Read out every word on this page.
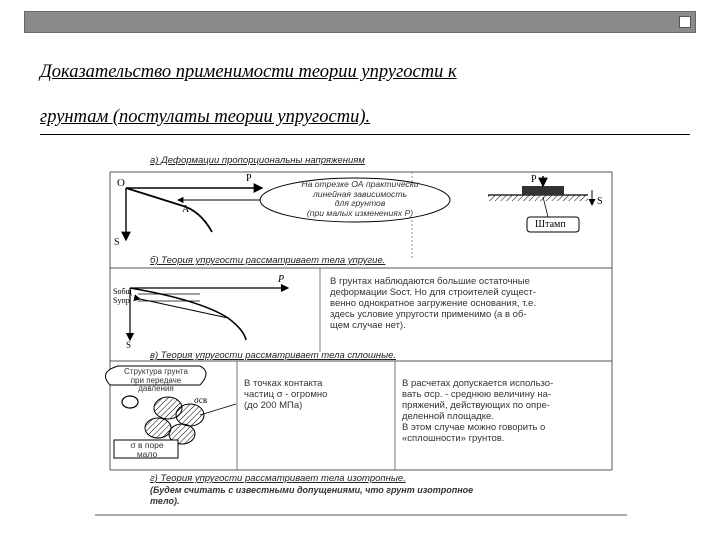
Доказательство применимости теории упругости к
грунтам (постулаты теории упругости).
а) Деформации пропорциональны напряжениям
O	P
A
S
На отрезке ОА практически
линейная зависимость
для грунтов
(при малых изменениях P)
P
S
Штамп
б) Теория упругости рассматривает тела упругие.
P
Sобщ
Sупр
S
В грунтах наблюдаются большие остаточные
деформации Sост. Но для строителей сущест-
венно однократное загружение основания, т.е.
здесь условие упругости применимо (а в об-
щем случае нет).
в) Теория упругости рассматривает тела сплошные.
Структура грунта
при передаче
давления
σcв
σ в поре
мало
В точках контакта
частиц σ - огромно
(до 200 МПа)
В расчетах допускается использо-
вать σср. - среднюю величину на-
пряжений, действующих по опре-
деленной площадке.
В этом случае можно говорить о
«сплошности» грунтов.
г) Теория упругости рассматривает тела изотропные.
(Будем считать с известными допущениями, что грунт изотропное
тело).
